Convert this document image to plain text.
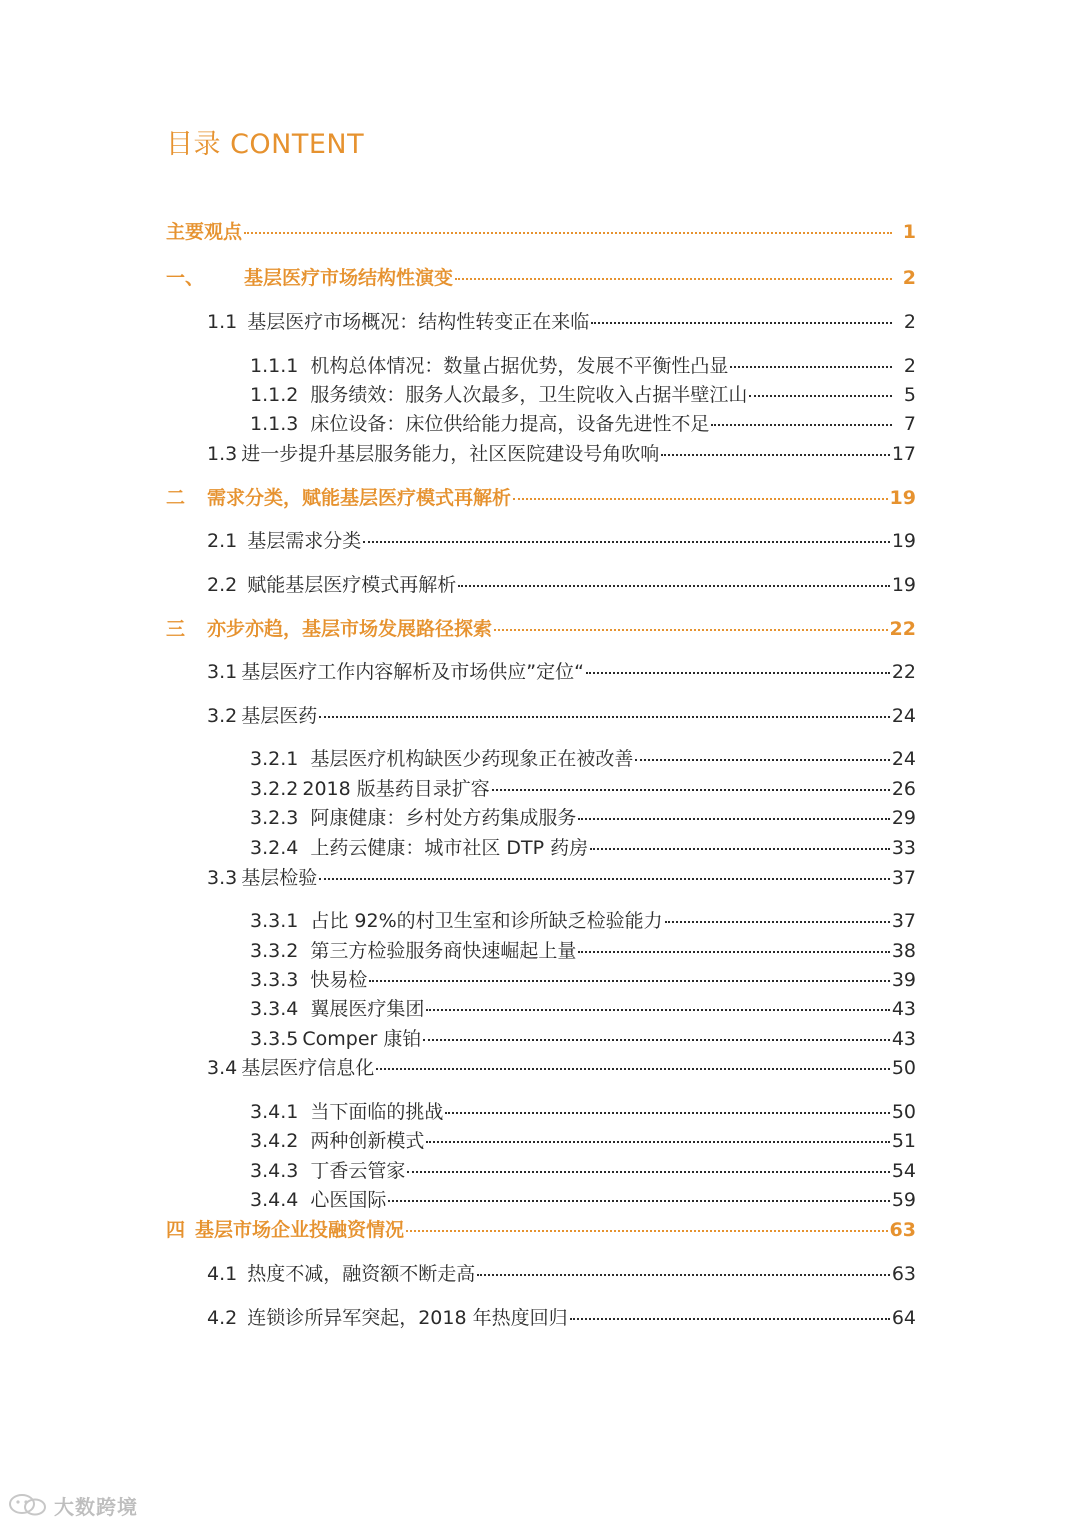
目录 CONTENT
主要观点	1
一、 基层医疗市场结构性演变	2
1.1 基层医疗市场概况：结构性转变正在来临	2
1.1.1 机构总体情况：数量占据优势，发展不平衡性凸显	2
1.1.2 服务绩效：服务人次最多，卫生院收入占据半壁江山	5
1.1.3 床位设备：床位供给能力提高，设备先进性不足	7
1.3 进一步提升基层服务能力，社区医院建设号角吹响	17
二 需求分类，赋能基层医疗模式再解析	19
2.1 基层需求分类	19
2.2 赋能基层医疗模式再解析	19
三 亦步亦趋，基层市场发展路径探索	22
3.1 基层医疗工作内容解析及市场供应”定位“	22
3.2 基层医药	24
3.2.1 基层医疗机构缺医少药现象正在被改善	24
3.2.2 2018 版基药目录扩容	26
3.2.3 阿康健康：乡村处方药集成服务	29
3.2.4 上药云健康：城市社区 DTP 药房	33
3.3 基层检验	37
3.3.1 占比 92%的村卫生室和诊所缺乏检验能力	37
3.3.2 第三方检验服务商快速崛起上量	38
3.3.3 快易检	39
3.3.4 翼展医疗集团	43
3.3.5 Comper 康铂	43
3.4 基层医疗信息化	50
3.4.1 当下面临的挑战	50
3.4.2 两种创新模式	51
3.4.3 丁香云管家	54
3.4.4 心医国际	59
四 基层市场企业投融资情况	63
4.1 热度不减，融资额不断走高	63
4.2 连锁诊所异军突起，2018 年热度回归	64
大数跨境
